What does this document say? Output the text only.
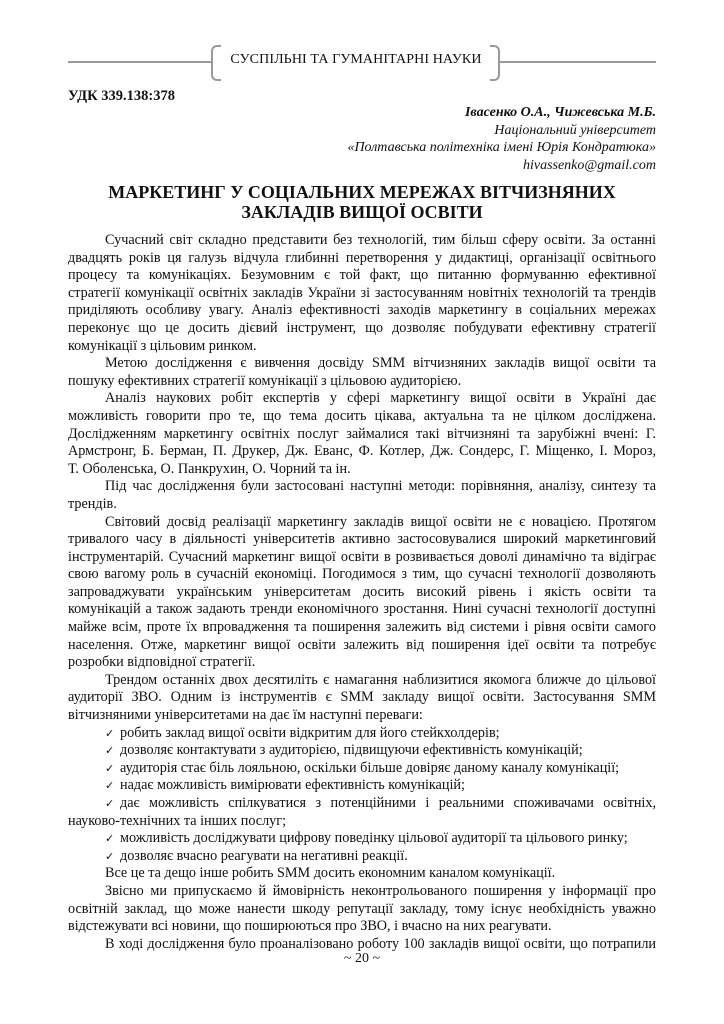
СУСПІЛЬНІ ТА ГУМАНІТАРНІ НАУКИ
УДК 339.138:378
Івасенко О.А., Чижевська М.Б.
Національний університет
«Полтавська політехніка імені Юрія Кондратюка»
hivassenko@gmail.com
МАРКЕТИНГ У СОЦІАЛЬНИХ МЕРЕЖАХ ВІТЧИЗНЯНИХ
ЗАКЛАДІВ ВИЩОЇ ОСВІТИ
Сучасний світ складно представити без технологій, тим більш сферу освіти. За останні
двадцять років ця галузь відчула глибинні перетворення у дидактиці, організації освітнього
процесу та комунікаціях. Безумовним є той факт, що питанню формуванню ефективної
стратегії комунікації освітніх закладів України зі застосуванням новітніх технологій та трендів
приділяють особливу увагу. Аналіз ефективності заходів маркетингу в соціальних мережах
переконує що це досить дієвий інструмент, що дозволяє побудувати ефективну стратегії
комунікації з цільовим ринком.
Метою дослідження є вивчення досвіду SMM вітчизняних закладів вищої освіти та
пошуку ефективних стратегії комунікації з цільовою аудиторією.
Аналіз наукових робіт експертів у сфері маркетингу вищої освіти в Україні дає
можливість говорити про те, що тема досить цікава, актуальна та не цілком досліджена.
Дослідженням маркетингу освітніх послуг займалися такі вітчизняні та зарубіжні вчені: Г.
Армстронг, Б. Берман, П. Друкер, Дж. Еванс, Ф. Котлер, Дж. Сондерс, Г. Міщенко, І. Мороз,
Т. Оболенська, О. Панкрухин, О. Чорний та ін.
Під час дослідження були застосовані наступні методи: порівняння, аналізу, синтезу та
трендів.
Світовий досвід реалізації маркетингу закладів вищої освіти не є новацією. Протягом
тривалого часу в діяльності університетів активно застосовувалися широкий маркетинговий
інструментарій. Сучасний маркетинг вищої освіти в розвивається доволі динамічно та відіграє
свою вагому роль в сучасній економіці. Погодимося з тим, що сучасні технології дозволяють
запроваджувати українським університетам досить високий рівень і якість освіти та
комунікацій а також задають тренди економічного зростання. Нині сучасні технології доступні
майже всім, проте їх впровадження та поширення залежить від системи і рівня освіти самого
населення. Отже, маркетинг вищої освіти залежить від поширення ідеї освіти та потребує
розробки відповідної стратегії.
Трендом останніх двох десятиліть є намагання наблизитися якомога ближче до цільової
аудиторії ЗВО. Одним із інструментів є SMM закладу вищої освіти. Застосування SMM
вітчизняними університетами на дає їм наступні переваги:
✓ робить заклад вищої освіти відкритим для його стейкхолдерів;
✓ дозволяє контактувати з аудиторією, підвищуючи ефективність комунікацій;
✓ аудиторія стає біль лояльною, оскільки більше довіряє даному каналу комунікації;
✓ надає можливість вимірювати ефективність комунікацій;
✓ дає можливість спілкуватися з потенційними і реальними споживачами освітніх,
науково-технічних та інших послуг;
✓ можливість досліджувати цифрову поведінку цільової аудиторії та цільового ринку;
✓ дозволяє вчасно реагувати на негативні реакції.
Все це та дещо інше робить SMM досить економним каналом комунікації.
Звісно ми припускаємо й ймовірність неконтрольованого поширення у інформації про
освітній заклад, що може нанести шкоду репутації закладу, тому існує необхідність уважно
відстежувати всі новини, що поширюються про ЗВО, і вчасно на них реагувати.
В ході дослідження було проаналізовано роботу 100 закладів вищої освіти, що потрапили
~ 20 ~
